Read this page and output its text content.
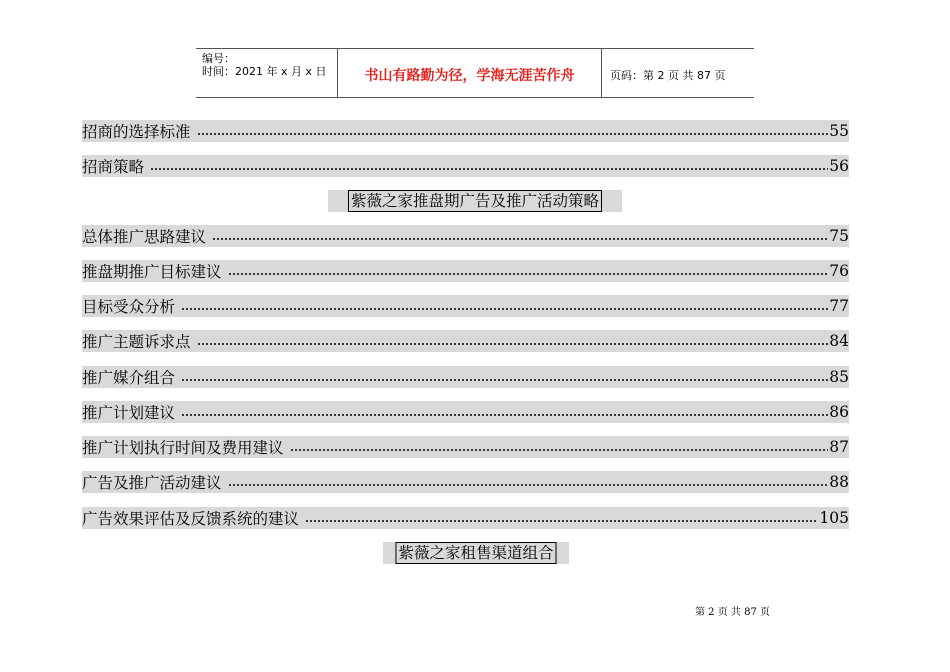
编号：
时间：2021 年 x 月 x 日	书山有路勤为径，学海无涯苦作舟	页码：第 2 页 共 87 页
招商的选择标准	55
招商策略	56
紫薇之家推盘期广告及推广活动策略
总体推广思路建议	75
推盘期推广目标建议	76
目标受众分析	77
推广主题诉求点	84
推广媒介组合	85
推广计划建议	86
推广计划执行时间及费用建议	87
广告及推广活动建议	88
广告效果评估及反馈系统的建议	105
紫薇之家租售渠道组合
第 2 页 共 87 页
